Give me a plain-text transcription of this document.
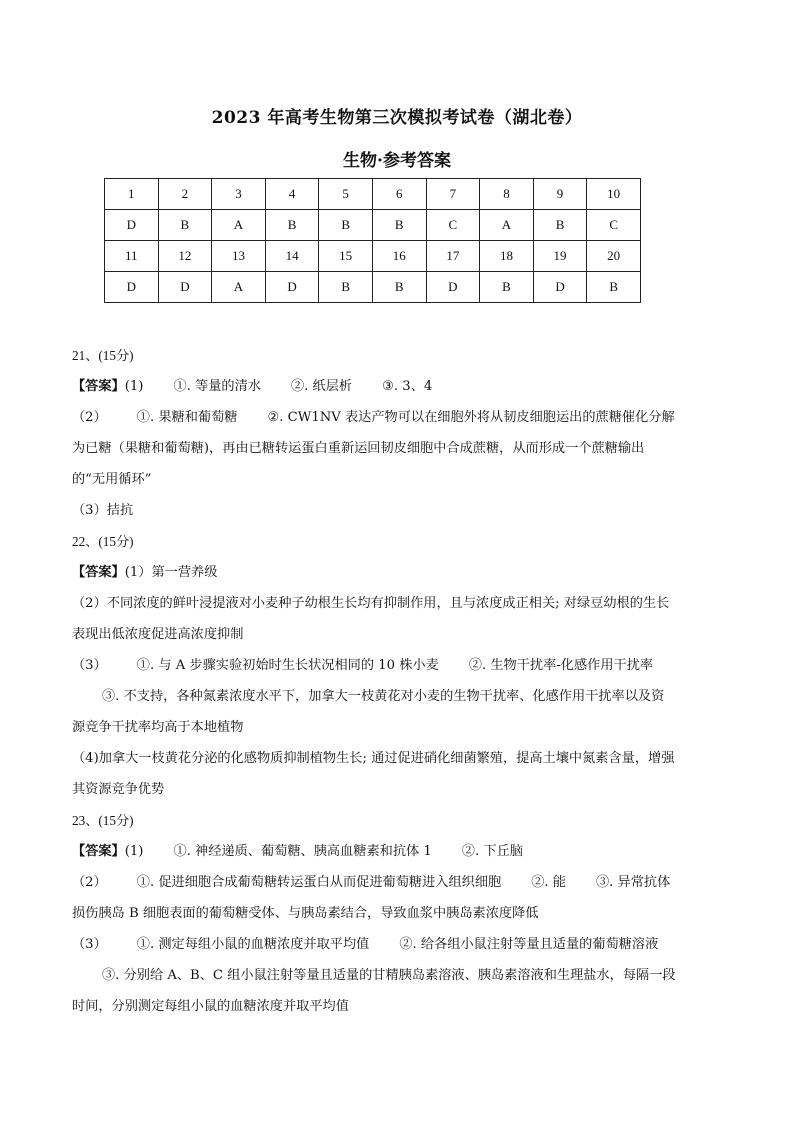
2023 年高考生物第三次模拟考试卷（湖北卷）
生物·参考答案
1	2	3	4	5	6	7	8	9	10
D	B	A	B	B	B	C	A	B	C
11	12	13	14	15	16	17	18	19	20
D	D	A	D	B	B	D	B	D	B
21、(15分)
【答案】(1) ①. 等量的清水 ②. 纸层析 ③. 3、4
（2） ①. 果糖和葡萄糖 ②. CW1NV 表达产物可以在细胞外将从韧皮细胞运出的蔗糖催化分解为已糖（果糖和葡萄糖)，再由已糖转运蛋白重新运回韧皮细胞中合成蔗糖，从而形成一个蔗糖输出的“无用循环”
（3）拮抗
22、(15分)
【答案】(1）第一营养级
（2）不同浓度的鲜叶浸提液对小麦种子幼根生长均有抑制作用，且与浓度成正相关; 对绿豆幼根的生长表现出低浓度促进高浓度抑制
（3） ①. 与 A 步骤实验初始时生长状况相同的 10 株小麦 ②. 生物干扰率-化感作用干扰率③. 不支持，各种氮素浓度水平下，加拿大一枝黄花对小麦的生物干扰率、化感作用干扰率以及资源竞争干扰率均高于本地植物
（4)加拿大一枝黄花分泌的化感物质抑制植物生长; 通过促进硝化细菌繁殖，提高土壤中氮素含量，增强其资源竞争优势
23、(15分)
【答案】(1) ①. 神经递质、葡萄糖、胰高血糖素和抗体 1 ②. 下丘脑
（2） ①. 促进细胞合成葡萄糖转运蛋白从而促进葡萄糖进入组织细胞 ②. 能 ③. 异常抗体损伤胰岛 B 细胞表面的葡萄糖受体、与胰岛素结合，导致血浆中胰岛素浓度降低
（3） ①. 测定每组小鼠的血糖浓度并取平均值 ②. 给各组小鼠注射等量且适量的葡萄糖溶液③. 分别给 A、B、C 组小鼠注射等量且适量的甘精胰岛素溶液、胰岛素溶液和生理盐水，每隔一段时间，分别测定每组小鼠的血糖浓度并取平均值
